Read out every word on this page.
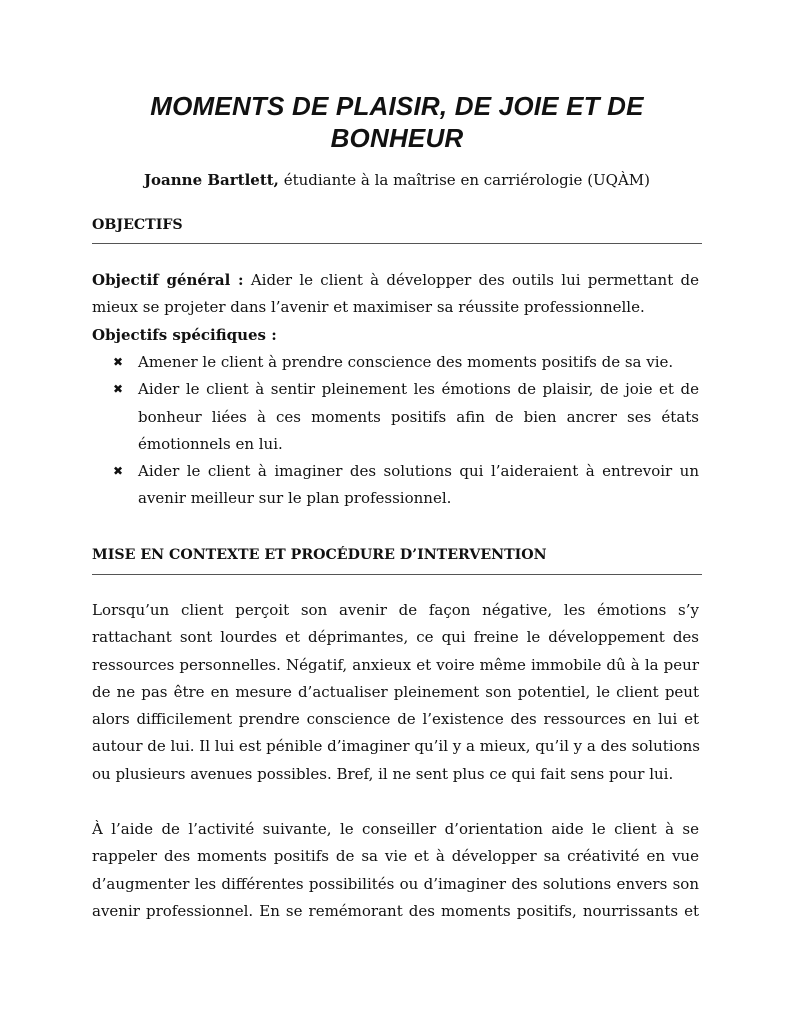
MOMENTS DE PLAISIR, DE JOIE ET DE
BONHEUR
Joanne Bartlett, étudiante à la maîtrise en carriérologie (UQÀM)
OBJECTIFS
Objectif général : Aider le client à développer des outils lui permettant de
mieux se projeter dans l’avenir et maximiser sa réussite professionnelle.
Objectifs spécifiques :
✖ Amener le client à prendre conscience des moments positifs de sa vie.
✖ Aider le client à sentir pleinement les émotions de plaisir, de joie et de
bonheur liées à ces moments positifs afin de bien ancrer ses états
émotionnels en lui.
✖ Aider le client à imaginer des solutions qui l’aideraient à entrevoir un
avenir meilleur sur le plan professionnel.
MISE EN CONTEXTE ET PROCÉDURE D’INTERVENTION
Lorsqu’un client perçoit son avenir de façon négative, les émotions s’y
rattachant sont lourdes et déprimantes, ce qui freine le développement des
ressources personnelles. Négatif, anxieux et voire même immobile dû à la peur
de ne pas être en mesure d’actualiser pleinement son potentiel, le client peut
alors difficilement prendre conscience de l’existence des ressources en lui et
autour de lui. Il lui est pénible d’imaginer qu’il y a mieux, qu’il y a des solutions
ou plusieurs avenues possibles. Bref, il ne sent plus ce qui fait sens pour lui.
À l’aide de l’activité suivante, le conseiller d’orientation aide le client à se
rappeler des moments positifs de sa vie et à développer sa créativité en vue
d’augmenter les différentes possibilités ou d’imaginer des solutions envers son
avenir professionnel. En se remémorant des moments positifs, nourrissants et
